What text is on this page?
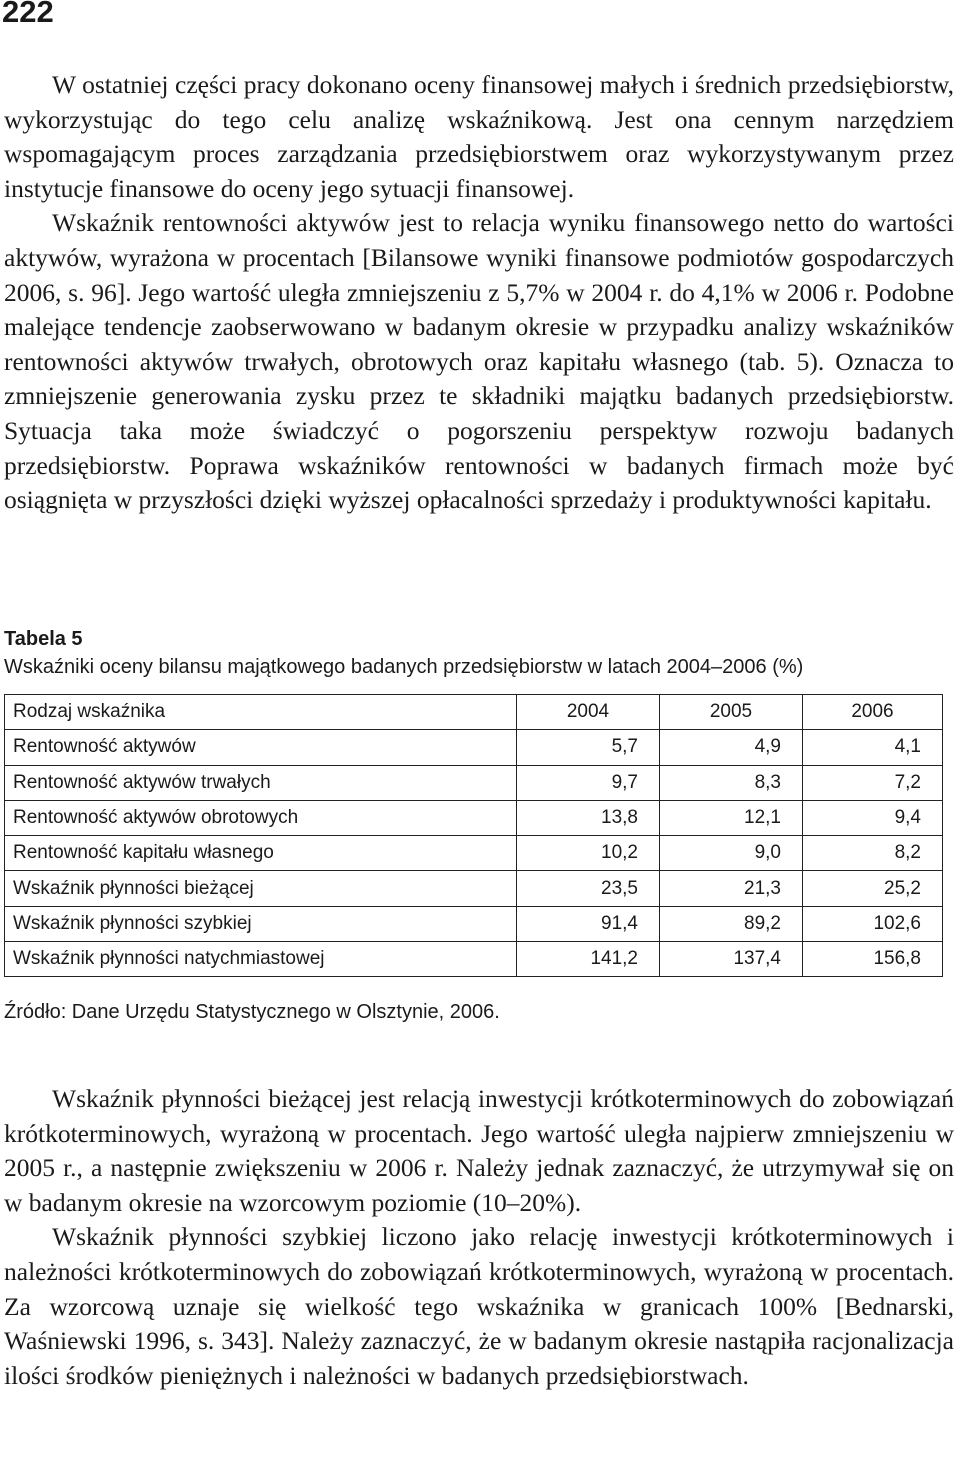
222

W ostatniej części pracy dokonano oceny finansowej małych i średnich przedsiębiorstw, wykorzystując do tego celu analizę wskaźnikową. Jest ona cennym narzędziem wspomagającym proces zarządzania przedsiębiorstwem oraz wykorzystywanym przez instytucje finansowe do oceny jego sytuacji finansowej.

Wskaźnik rentowności aktywów jest to relacja wyniku finansowego netto do wartości aktywów, wyrażona w procentach [Bilansowe wyniki finansowe podmiotów gospodarczych 2006, s. 96]. Jego wartość uległa zmniejszeniu z 5,7% w 2004 r. do 4,1% w 2006 r. Podobne malejące tendencje zaobserwowano w badanym okresie w przypadku analizy wskaźników rentowności aktywów trwałych, obrotowych oraz kapitału własnego (tab. 5). Oznacza to zmniejszenie generowania zysku przez te składniki majątku badanych przedsiębiorstw. Sytuacja taka może świadczyć o pogorszeniu perspektyw rozwoju badanych przedsiębiorstw. Poprawa wskaźników rentowności w badanych firmach może być osiągnięta w przyszłości dzięki wyższej opłacalności sprzedaży i produktywności kapitału.

Tabela 5
Wskaźniki oceny bilansu majątkowego badanych przedsiębiorstw w latach 2004–2006 (%)
Rodzaj wskaźnika	2004	2005	2006
Rentowność aktywów	5,7	4,9	4,1
Rentowność aktywów trwałych	9,7	8,3	7,2
Rentowność aktywów obrotowych	13,8	12,1	9,4
Rentowność kapitału własnego	10,2	9,0	8,2
Wskaźnik płynności bieżącej	23,5	21,3	25,2
Wskaźnik płynności szybkiej	91,4	89,2	102,6
Wskaźnik płynności natychmiastowej	141,2	137,4	156,8
Źródło: Dane Urzędu Statystycznego w Olsztynie, 2006.

Wskaźnik płynności bieżącej jest relacją inwestycji krótkoterminowych do zobowiązań krótkoterminowych, wyrażoną w procentach. Jego wartość uległa najpierw zmniejszeniu w 2005 r., a następnie zwiększeniu w 2006 r. Należy jednak zaznaczyć, że utrzymywał się on w badanym okresie na wzorcowym poziomie (10–20%).

Wskaźnik płynności szybkiej liczono jako relację inwestycji krótkoterminowych i należności krótkoterminowych do zobowiązań krótkoterminowych, wyrażoną w procentach. Za wzorcową uznaje się wielkość tego wskaźnika w granicach 100% [Bednarski, Waśniewski 1996, s. 343]. Należy zaznaczyć, że w badanym okresie nastąpiła racjonalizacja ilości środków pieniężnych i należności w badanych przedsiębiorstwach.
